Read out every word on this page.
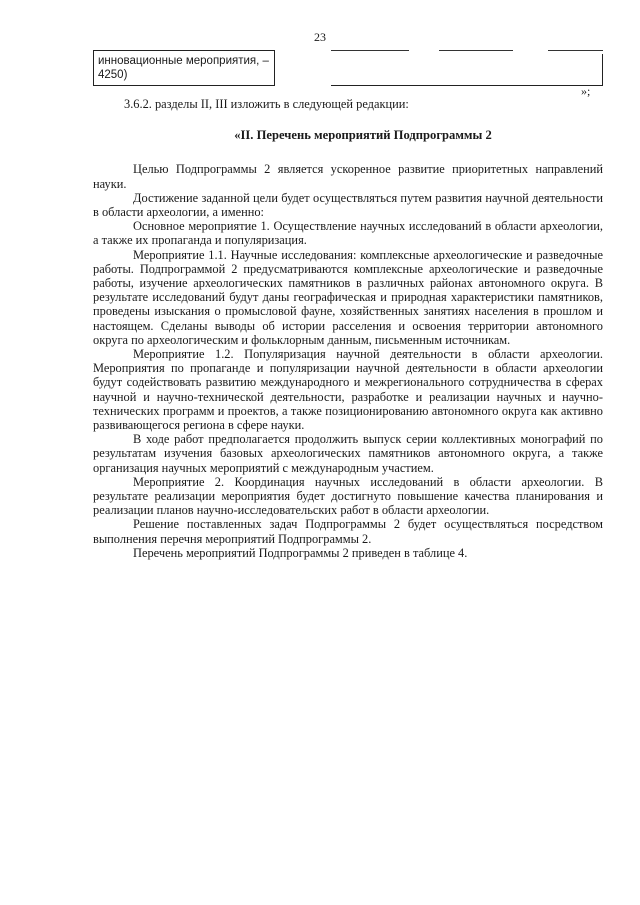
23
инновационные мероприятия, – 4250)
»;

3.6.2. разделы II, III изложить в следующей редакции:

«II. Перечень мероприятий Подпрограммы 2

Целью Подпрограммы 2 является ускоренное развитие приоритетных направлений науки.

Достижение заданной цели будет осуществляться путем развития научной деятельности в области археологии, а именно:

Основное мероприятие 1. Осуществление научных исследований в области археологии, а также их пропаганда и популяризация.

Мероприятие 1.1. Научные исследования: комплексные археологические и разведочные работы. Подпрограммой 2 предусматриваются комплексные археологические и разведочные работы, изучение археологических памятников в различных районах автономного округа. В результате исследований будут даны географическая и природная характеристики памятников, проведены изыскания о промысловой фауне, хозяйственных занятиях населения в прошлом и настоящем. Сделаны выводы об истории расселения и освоения территории автономного округа по археологическим и фольклорным данным, письменным источникам.

Мероприятие 1.2. Популяризация научной деятельности в области археологии. Мероприятия по пропаганде и популяризации научной деятельности в области археологии будут содействовать развитию международного и межрегионального сотрудничества в сферах научной и научно-технической деятельности, разработке и реализации научных и научно-технических программ и проектов, а также позиционированию автономного округа как активно развивающегося региона в сфере науки.

В ходе работ предполагается продолжить выпуск серии коллективных монографий по результатам изучения базовых археологических памятников автономного округа, а также организация научных мероприятий с международным участием.

Мероприятие 2. Координация научных исследований в области археологии. В результате реализации мероприятия будет достигнуто повышение качества планирования и реализации планов научно-исследовательских работ в области археологии.

Решение поставленных задач Подпрограммы 2 будет осуществляться посредством выполнения перечня мероприятий Подпрограммы 2.

Перечень мероприятий Подпрограммы 2 приведен в таблице 4.
